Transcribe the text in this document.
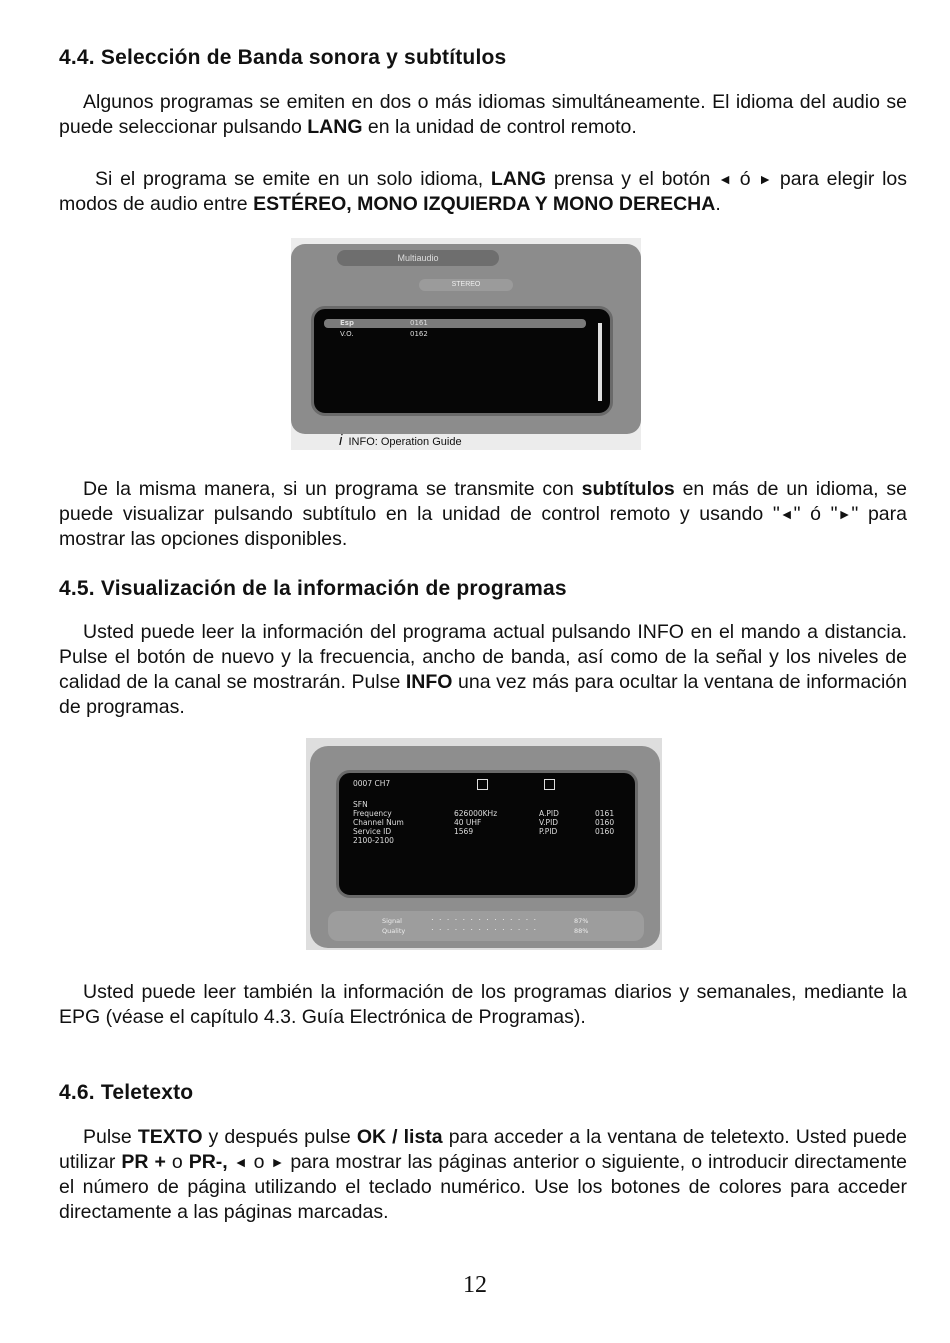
4.4. Selección de Banda sonora y subtítulos

Algunos programas se emiten en dos o más idiomas simultáneamente. El idioma del audio se puede seleccionar pulsando LANG en la unidad de control remoto.

Si el programa se emite en un solo idioma, LANG prensa y el botón ◄ ó ► para elegir los modos de audio entre ESTÉREO, MONO IZQUIERDA Y MONO DERECHA.

Multiaudio
STEREO
Esp	0161
V.O.	0162
i INFO: Operation Guide

De la misma manera, si un programa se transmite con subtítulos en más de un idioma, se puede visualizar pulsando subtítulo en la unidad de control remoto y usando "◄" ó "►" para mostrar las opciones disponibles.

4.5. Visualización de la información de programas

Usted puede leer la información del programa actual pulsando INFO en el mando a distancia. Pulse el botón de nuevo y la frecuencia, ancho de banda, así como de la señal y los niveles de calidad de la canal se mostrarán. Pulse INFO una vez más para ocultar la ventana de información de programas.

0007 CH7
SFN
Frequency
Channel Num
Service ID
2100-2100
626000KHz
40 UHF
1569
A.PID
V.PID
P.PID
0161
0160
0160
Signal
Quality
· · · · · · · · · · · · · ·
· · · · · · · · · · · · · ·
87%
88%

Usted puede leer también la información de los programas diarios y semanales, mediante la EPG (véase el capítulo 4.3. Guía Electrónica de Programas).

4.6. Teletexto

Pulse TEXTO y después pulse OK / lista para acceder a la ventana de teletexto. Usted puede utilizar PR + o PR-, ◄ o ► para mostrar las páginas anterior o siguiente, o introducir directamente el número de página utilizando el teclado numérico. Use los botones de colores para acceder directamente a las páginas marcadas.

12
